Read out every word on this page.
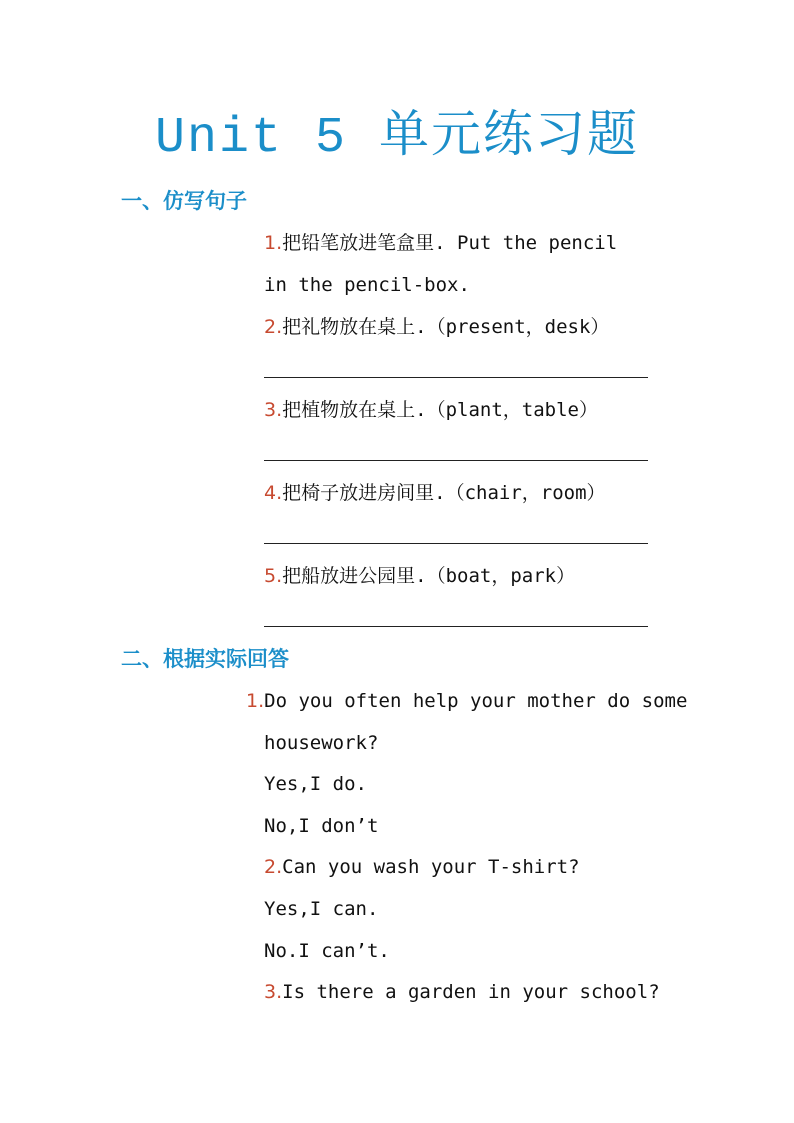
Unit 5 单元练习题
一、仿写句子
1.把铅笔放进笔盒里. Put the pencil
in the pencil-box.
2.把礼物放在桌上.（present，desk）
3.把植物放在桌上.（plant，table）
4.把椅子放进房间里.（chair，room）
5.把船放进公园里.（boat，park）
二、根据实际回答
1.Do you often help your mother do some
housework?
Yes,I do.
No,I don’t
2.Can you wash your T-shirt?
Yes,I can.
No.I can’t.
3.Is there a garden in your school?
